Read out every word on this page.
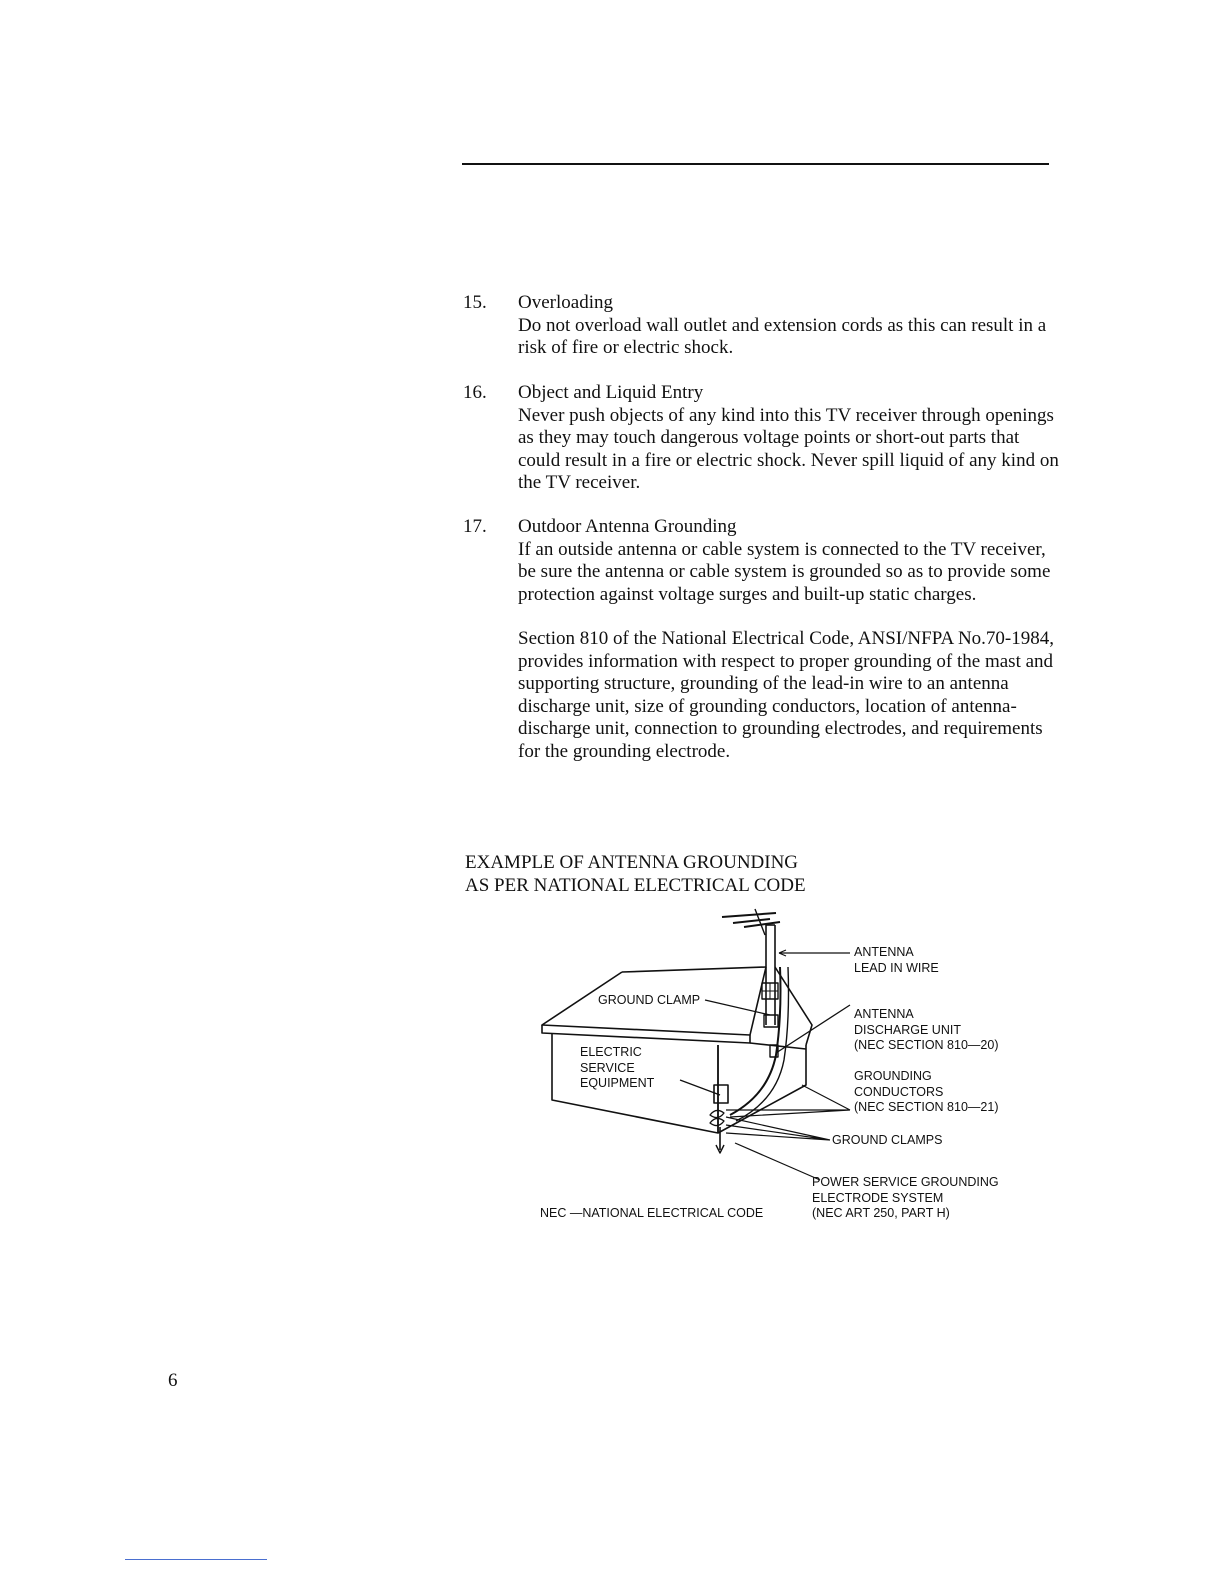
15.	Overloading

Do not overload wall outlet and extension cords as this can result in a risk of fire or electric shock.

16.	Object and Liquid Entry

Never push objects of any kind into this TV receiver through openings as they may touch dangerous voltage points or short-out parts that could result in a fire or electric shock. Never spill liquid of any kind on the TV receiver.

17.	Outdoor Antenna Grounding

If an outside antenna or cable system is connected to the TV receiver, be sure the antenna or cable system is grounded so as to provide some protection against voltage surges and built-up static charges.

Section 810 of the National Electrical Code, ANSI/NFPA No.70-1984, provides information with respect to proper grounding of the mast and supporting structure, grounding of the lead-in wire to an antenna discharge unit, size of grounding conductors, location of antenna-discharge unit, connection to grounding electrodes, and requirements for the grounding electrode.

EXAMPLE OF ANTENNA GROUNDING
AS PER NATIONAL ELECTRICAL CODE

ANTENNA
LEAD IN WIRE
GROUND CLAMP
ANTENNA
DISCHARGE UNIT
(NEC SECTION 810—20)
ELECTRIC
SERVICE
EQUIPMENT	GROUNDING
CONDUCTORS
(NEC SECTION 810—21)
GROUND CLAMPS
POWER SERVICE GROUNDING
ELECTRODE SYSTEM
(NEC ART 250, PART H)
NEC —NATIONAL ELECTRICAL CODE
6
